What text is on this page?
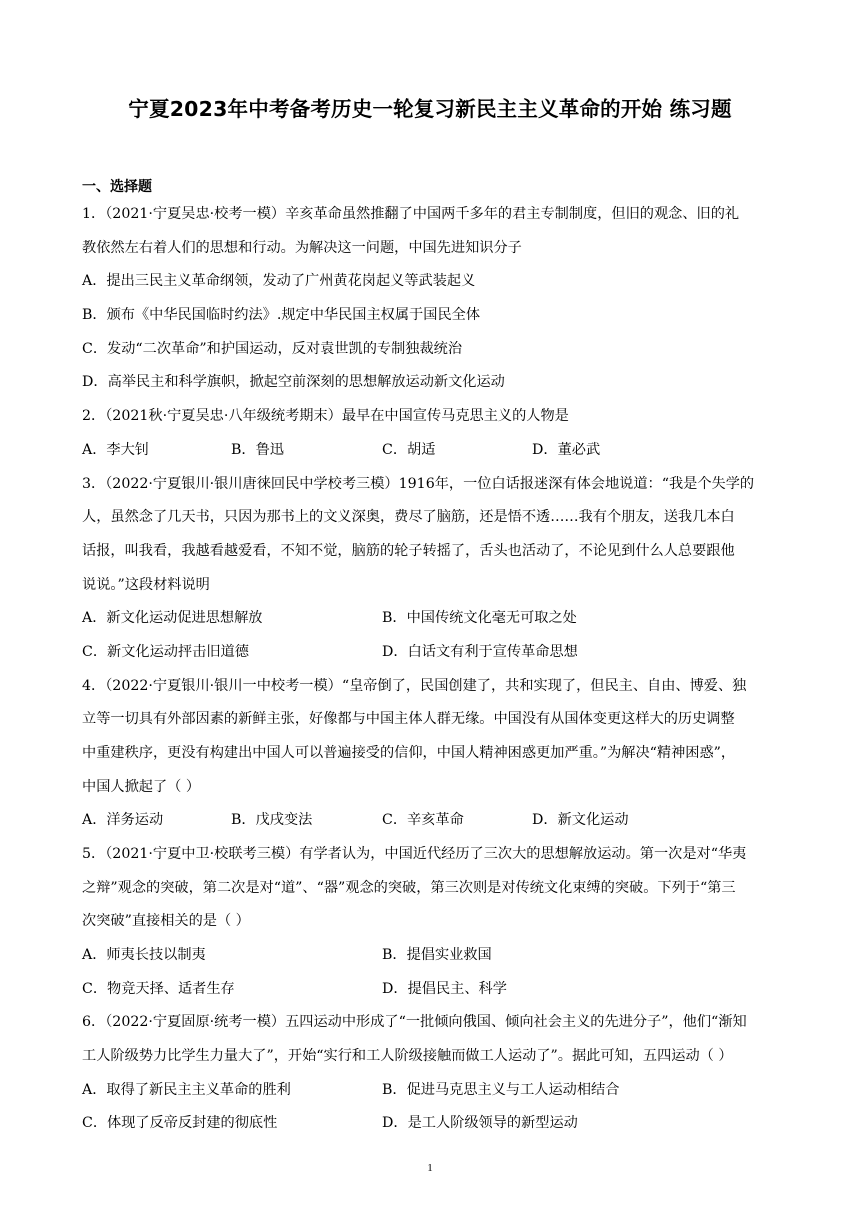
宁夏2023年中考备考历史一轮复习新民主主义革命的开始 练习题
一、选择题
1．（2021·宁夏吴忠·校考一模）辛亥革命虽然推翻了中国两千多年的君主专制制度，但旧的观念、旧的礼
教依然左右着人们的思想和行动。为解决这一问题，中国先进知识分子
A．提出三民主义革命纲领，发动了广州黄花岗起义等武装起义
B．颁布《中华民国临时约法》.规定中华民国主权属于国民全体
C．发动“二次革命”和护国运动，反对袁世凯的专制独裁统治
D．高举民主和科学旗帜，掀起空前深刻的思想解放运动新文化运动
2．（2021秋·宁夏吴忠·八年级统考期末）最早在中国宣传马克思主义的人物是
A．李大钊	B．鲁迅	C．胡适	D．董必武
3．（2022·宁夏银川·银川唐徕回民中学校考三模）1916年，一位白话报迷深有体会地说道：“我是个失学的
人，虽然念了几天书，只因为那书上的文义深奥，费尽了脑筋，还是悟不透……我有个朋友，送我几本白
话报，叫我看，我越看越爱看，不知不觉，脑筋的轮子转摇了，舌头也活动了，不论见到什么人总要跟他
说说。”这段材料说明
A．新文化运动促进思想解放	B．中国传统文化毫无可取之处
C．新文化运动抨击旧道德	D．白话文有利于宣传革命思想
4．（2022·宁夏银川·银川一中校考一模）“皇帝倒了，民国创建了，共和实现了，但民主、自由、博爱、独
立等一切具有外部因素的新鲜主张，好像都与中国主体人群无缘。中国没有从国体变更这样大的历史调整
中重建秩序，更没有构建出中国人可以普遍接受的信仰，中国人精神困惑更加严重。”为解决“精神困惑”，
中国人掀起了（ ）
A．洋务运动	B．戊戌变法	C．辛亥革命	D．新文化运动
5．（2021·宁夏中卫·校联考三模）有学者认为，中国近代经历了三次大的思想解放运动。第一次是对“华夷
之辩”观念的突破，第二次是对“道”、“器”观念的突破，第三次则是对传统文化束缚的突破。下列于“第三
次突破”直接相关的是（ ）
A．师夷长技以制夷	B．提倡实业救国
C．物竞天择、适者生存	D．提倡民主、科学
6．（2022·宁夏固原·统考一模）五四运动中形成了“一批倾向俄国、倾向社会主义的先进分子”，他们“渐知
工人阶级势力比学生力量大了”，开始“实行和工人阶级接触而做工人运动了”。据此可知，五四运动（ ）
A．取得了新民主主义革命的胜利	B．促进马克思主义与工人运动相结合
C．体现了反帝反封建的彻底性	D．是工人阶级领导的新型运动
1
